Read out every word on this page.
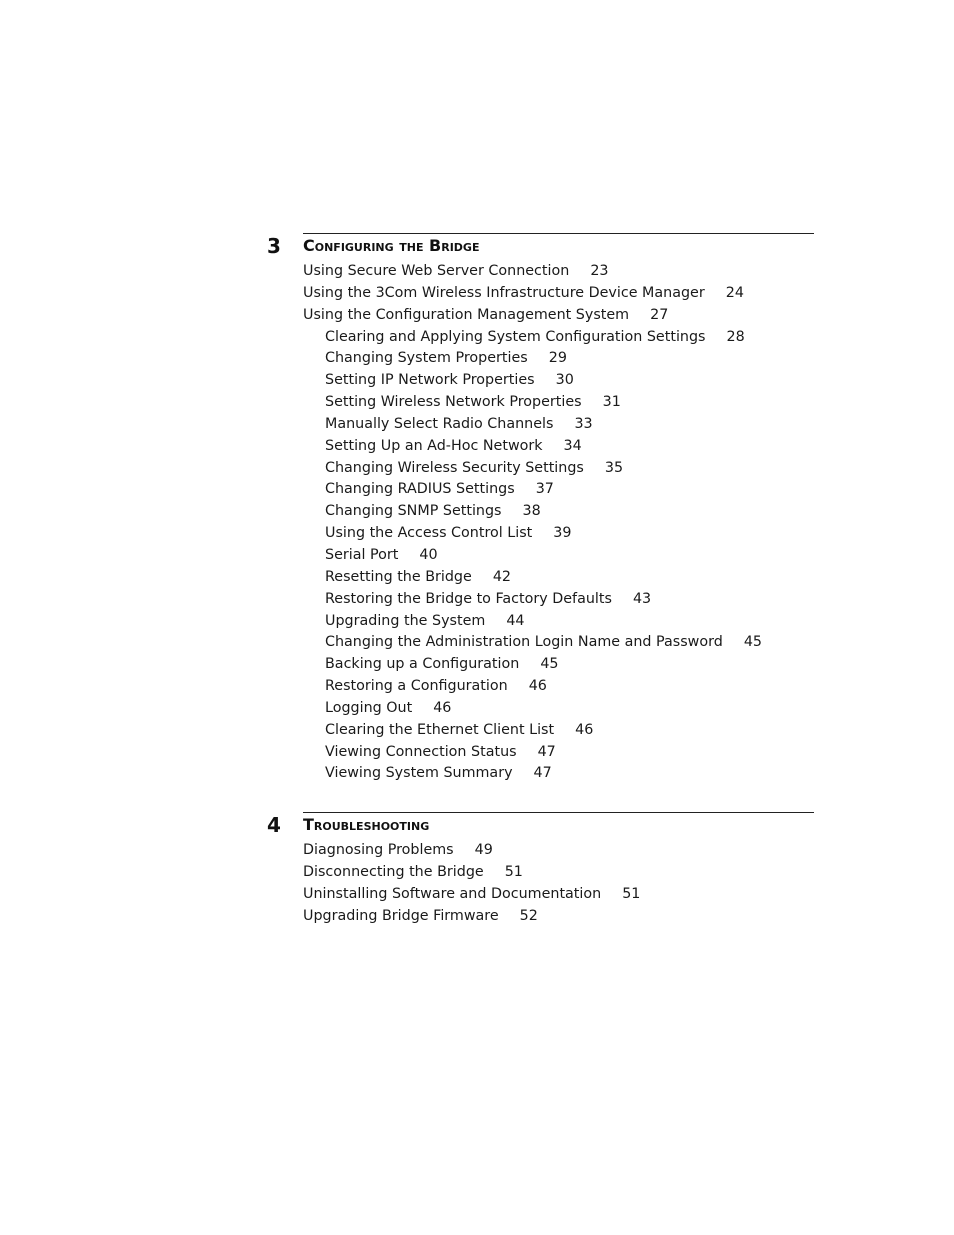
3 Configuring the Bridge
Using Secure Web Server Connection 23
Using the 3Com Wireless Infrastructure Device Manager 24
Using the Configuration Management System 27
Clearing and Applying System Configuration Settings 28
Changing System Properties 29
Setting IP Network Properties 30
Setting Wireless Network Properties 31
Manually Select Radio Channels 33
Setting Up an Ad-Hoc Network 34
Changing Wireless Security Settings 35
Changing RADIUS Settings 37
Changing SNMP Settings 38
Using the Access Control List 39
Serial Port 40
Resetting the Bridge 42
Restoring the Bridge to Factory Defaults 43
Upgrading the System 44
Changing the Administration Login Name and Password 45
Backing up a Configuration 45
Restoring a Configuration 46
Logging Out 46
Clearing the Ethernet Client List 46
Viewing Connection Status 47
Viewing System Summary 47
4 Troubleshooting
Diagnosing Problems 49
Disconnecting the Bridge 51
Uninstalling Software and Documentation 51
Upgrading Bridge Firmware 52
